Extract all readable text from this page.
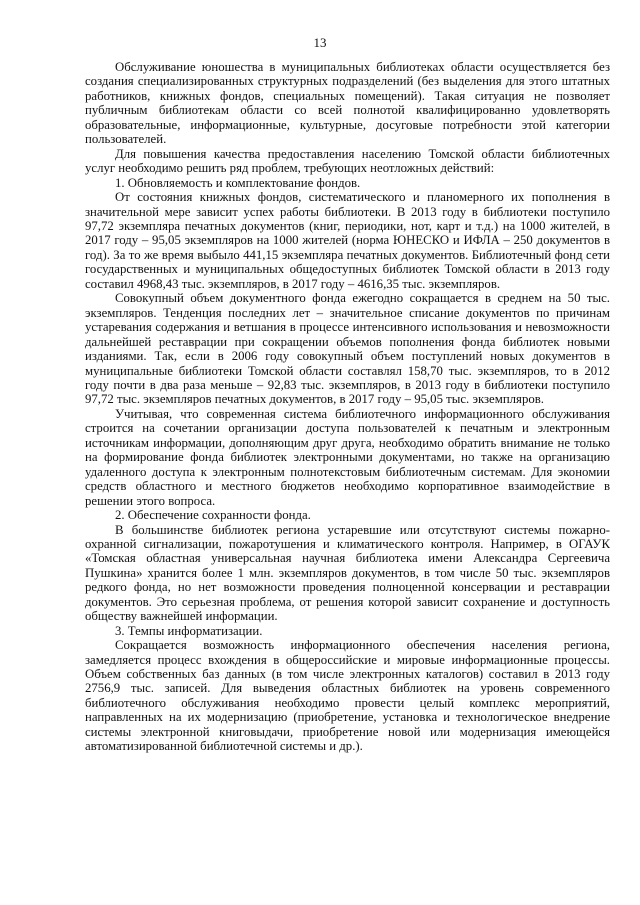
13

Обслуживание юношества в муниципальных библиотеках области осуществляется без создания специализированных структурных подразделений (без выделения для этого штатных работников, книжных фондов, специальных помещений). Такая ситуация не позволяет публичным библиотекам области со всей полнотой квалифицированно удовлетворять образовательные, информационные, культурные, досуговые потребности этой категории пользователей.

Для повышения качества предоставления населению Томской области библиотечных услуг необходимо решить ряд проблем, требующих неотложных действий:

1. Обновляемость и комплектование фондов.

От состояния книжных фондов, систематического и планомерного их пополнения в значительной мере зависит успех работы библиотеки. В 2013 году в библиотеки поступило 97,72 экземпляра печатных документов (книг, периодики, нот, карт и т.д.) на 1000 жителей, в 2017 году – 95,05 экземпляров на 1000 жителей (норма ЮНЕСКО и ИФЛА – 250 документов в год). За то же время выбыло 441,15 экземпляра печатных документов. Библиотечный фонд сети государственных и муниципальных общедоступных библиотек Томской области в 2013 году составил 4968,43 тыс. экземпляров, в 2017 году – 4616,35 тыс. экземпляров.

Совокупный объем документного фонда ежегодно сокращается в среднем на 50 тыс. экземпляров. Тенденция последних лет – значительное списание документов по причинам устаревания содержания и ветшания в процессе интенсивного использования и невозможности дальнейшей реставрации при сокращении объемов пополнения фонда библиотек новыми изданиями. Так, если в 2006 году совокупный объем поступлений новых документов в муниципальные библиотеки Томской области составлял 158,70 тыс. экземпляров, то в 2012 году почти в два раза меньше – 92,83 тыс. экземпляров, в 2013 году в библиотеки поступило 97,72 тыс. экземпляров печатных документов, в 2017 году – 95,05 тыс. экземпляров.

Учитывая, что современная система библиотечного информационного обслуживания строится на сочетании организации доступа пользователей к печатным и электронным источникам информации, дополняющим друг друга, необходимо обратить внимание не только на формирование фонда библиотек электронными документами, но также на организацию удаленного доступа к электронным полнотекстовым библиотечным системам. Для экономии средств областного и местного бюджетов необходимо корпоративное взаимодействие в решении этого вопроса.

2. Обеспечение сохранности фонда.

В большинстве библиотек региона устаревшие или отсутствуют системы пожарно-охранной сигнализации, пожаротушения и климатического контроля. Например, в ОГАУК «Томская областная универсальная научная библиотека имени Александра Сергеевича Пушкина» хранится более 1 млн. экземпляров документов, в том числе 50 тыс. экземпляров редкого фонда, но нет возможности проведения полноценной консервации и реставрации документов. Это серьезная проблема, от решения которой зависит сохранение и доступность обществу важнейшей информации.

3. Темпы информатизации.

Сокращается возможность информационного обеспечения населения региона, замедляется процесс вхождения в общероссийские и мировые информационные процессы. Объем собственных баз данных (в том числе электронных каталогов) составил в 2013 году 2756,9 тыс. записей. Для выведения областных библиотек на уровень современного библиотечного обслуживания необходимо провести целый комплекс мероприятий, направленных на их модернизацию (приобретение, установка и технологическое внедрение системы электронной книговыдачи, приобретение новой или модернизация имеющейся автоматизированной библиотечной системы и др.).
